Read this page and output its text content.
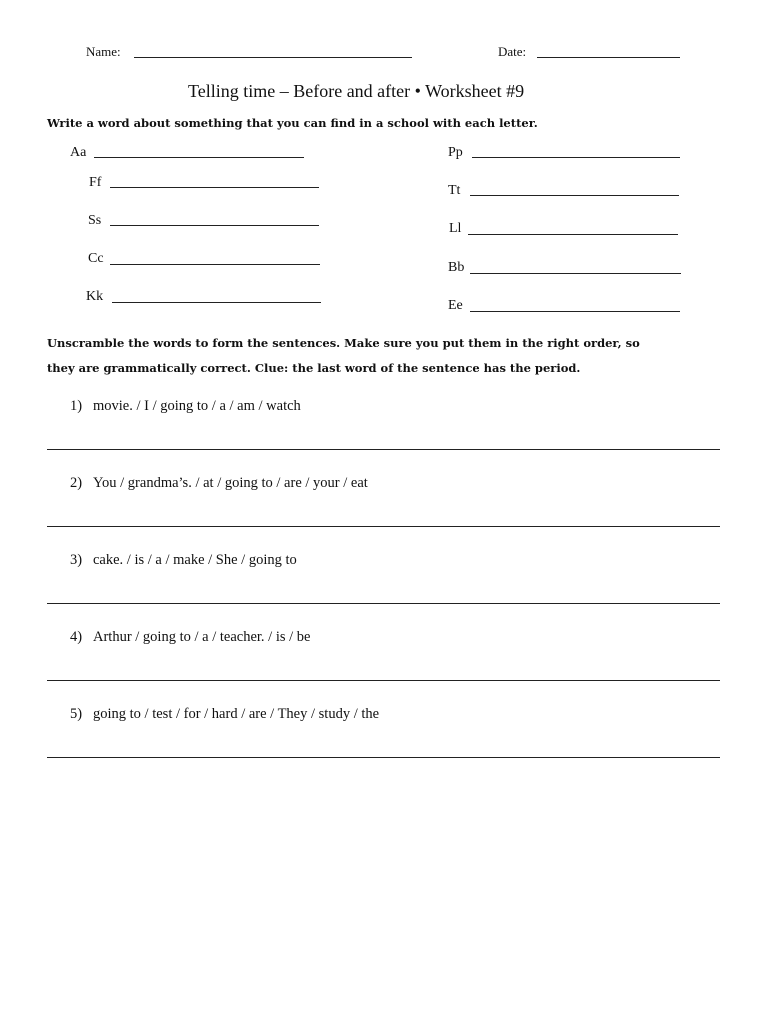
Name:	Date:
Telling time – Before and after • Worksheet #9
Write a word about something that you can find in a school with each letter.
Aa
Ff
Ss
Cc
Kk
Pp
Tt
Ll
Bb
Ee
Unscramble the words to form the sentences. Make sure you put them in the right order, so
they are grammatically correct. Clue: the last word of the sentence has the period.
1) movie. / I / going to / a / am / watch
2) You / grandma’s. / at / going to / are / your / eat
3) cake. / is / a / make / She / going to
4) Arthur / going to / a / teacher. / is / be
5) going to / test / for / hard / are / They / study / the
